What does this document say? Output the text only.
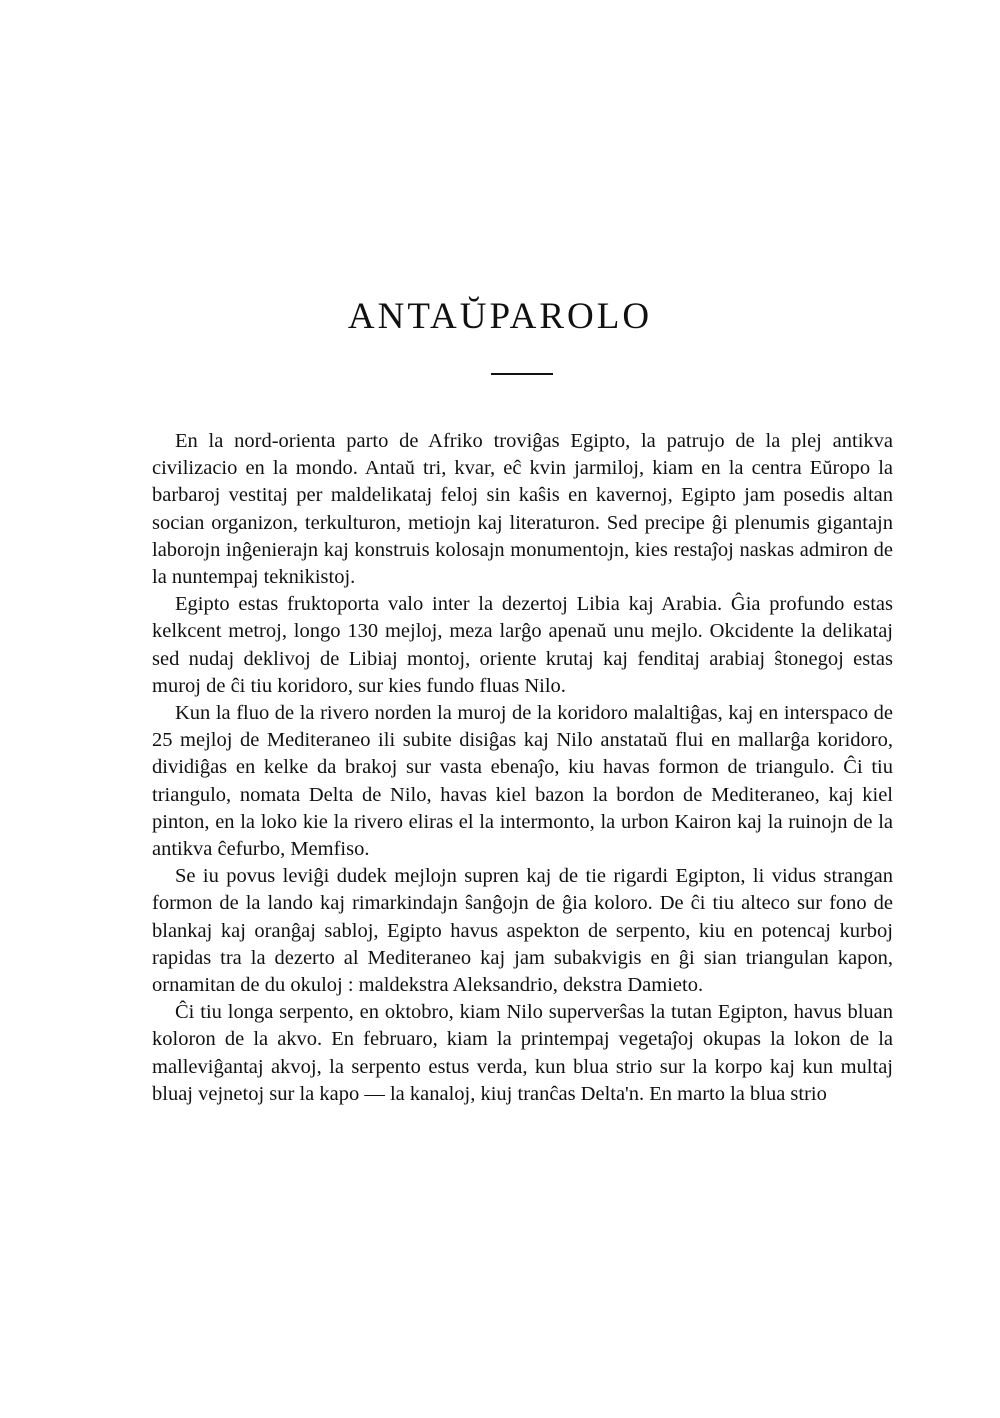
ANTAŬPAROLO

En la nord-orienta parto de Afriko troviĝas Egipto, la patrujo de la plej antikva civilizacio en la mondo. Antaŭ tri, kvar, eĉ kvin jarmiloj, kiam en la centra Eŭropo la barbaroj vestitaj per maldelikataj feloj sin kaŝis en kavernoj, Egipto jam posedis altan socian organizon, terkulturon, metiojn kaj literaturon. Sed precipe ĝi plenumis gigantajn laborojn inĝenierajn kaj konstruis kolosajn monumentojn, kies restaĵoj naskas admiron de la nuntempaj teknikistoj.

Egipto estas fruktoporta valo inter la dezertoj Libia kaj Arabia. Ĝia profundo estas kelkcent metroj, longo 130 mejloj, meza larĝo apenaŭ unu mejlo. Okcidente la delikataj sed nudaj deklivoj de Libiaj montoj, oriente krutaj kaj fenditaj arabiaj ŝtonegoj estas muroj de ĉi tiu koridoro, sur kies fundo fluas Nilo.

Kun la fluo de la rivero norden la muroj de la koridoro malaltiĝas, kaj en interspaco de 25 mejloj de Mediteraneo ili subite disiĝas kaj Nilo anstataŭ flui en mallarĝa koridoro, dividiĝas en kelke da brakoj sur vasta ebenaĵo, kiu havas formon de triangulo. Ĉi tiu triangulo, nomata Delta de Nilo, havas kiel bazon la bordon de Mediteraneo, kaj kiel pinton, en la loko kie la rivero eliras el la intermonto, la urbon Kairon kaj la ruinojn de la antikva ĉefurbo, Memfiso.

Se iu povus leviĝi dudek mejlojn supren kaj de tie rigardi Egipton, li vidus strangan formon de la lando kaj rimarkindajn ŝanĝojn de ĝia koloro. De ĉi tiu alteco sur fono de blankaj kaj oranĝaj sabloj, Egipto havus aspekton de serpento, kiu en potencaj kurboj rapidas tra la dezerto al Mediteraneo kaj jam subakvigis en ĝi sian triangulan kapon, ornamitan de du okuloj : maldekstra Aleksandrio, dekstra Damieto.

Ĉi tiu longa serpento, en oktobro, kiam Nilo superverŝas la tutan Egipton, havus bluan koloron de la akvo. En februaro, kiam la printempaj vegetaĵoj okupas la lokon de la malleviĝantaj akvoj, la serpento estus verda, kun blua strio sur la korpo kaj kun multaj bluaj vejnetoj sur la kapo — la kanaloj, kiuj tranĉas Delta'n. En marto la blua strio
